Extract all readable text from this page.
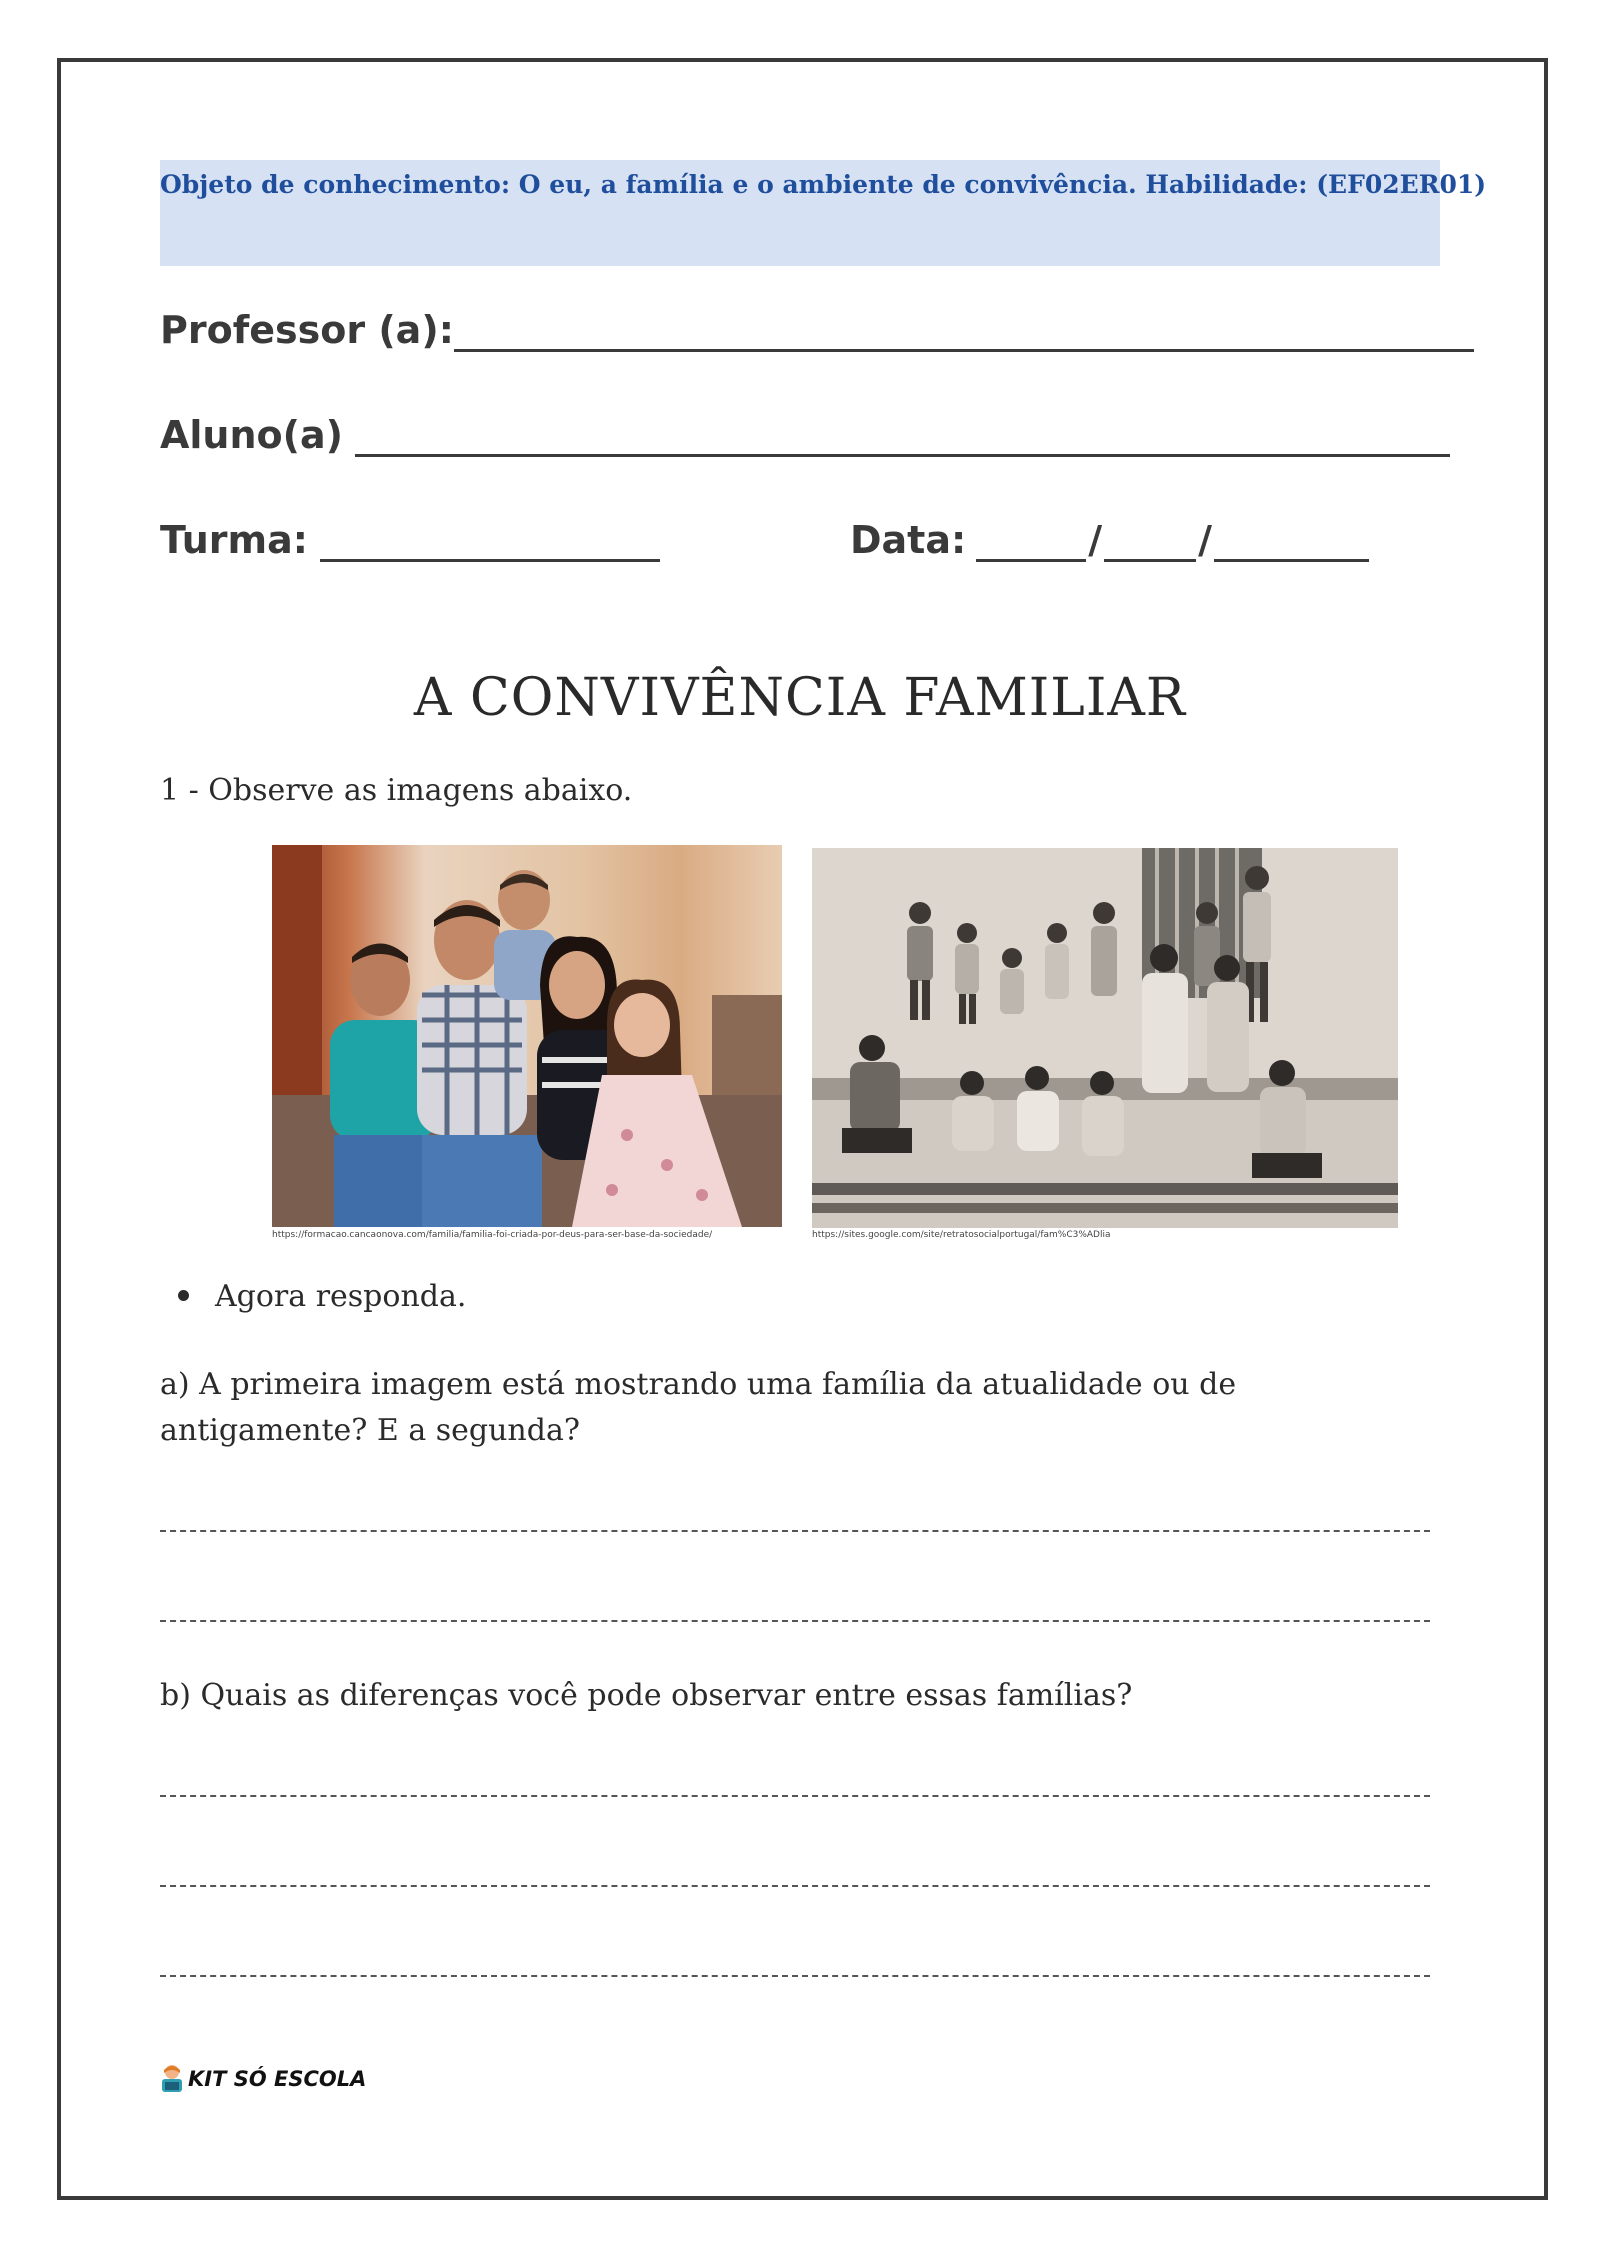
Objeto de conhecimento: O eu, a família e o ambiente de convivência. Habilidade: (EF02ER01)
Professor (a):
Aluno(a)
Turma:	Data:	/	/
A CONVIVÊNCIA FAMILIAR
1 - Observe as imagens abaixo.
https://formacao.cancaonova.com/familia/familia-foi-criada-por-deus-para-ser-base-da-sociedade/	https://sites.google.com/site/retratosocialportugal/fam%C3%ADlia
Agora responda.
a) A primeira imagem está mostrando uma família da atualidade ou de antigamente? E a segunda?
b) Quais as diferenças você pode observar entre essas famílias?
KIT SÓ ESCOLA
